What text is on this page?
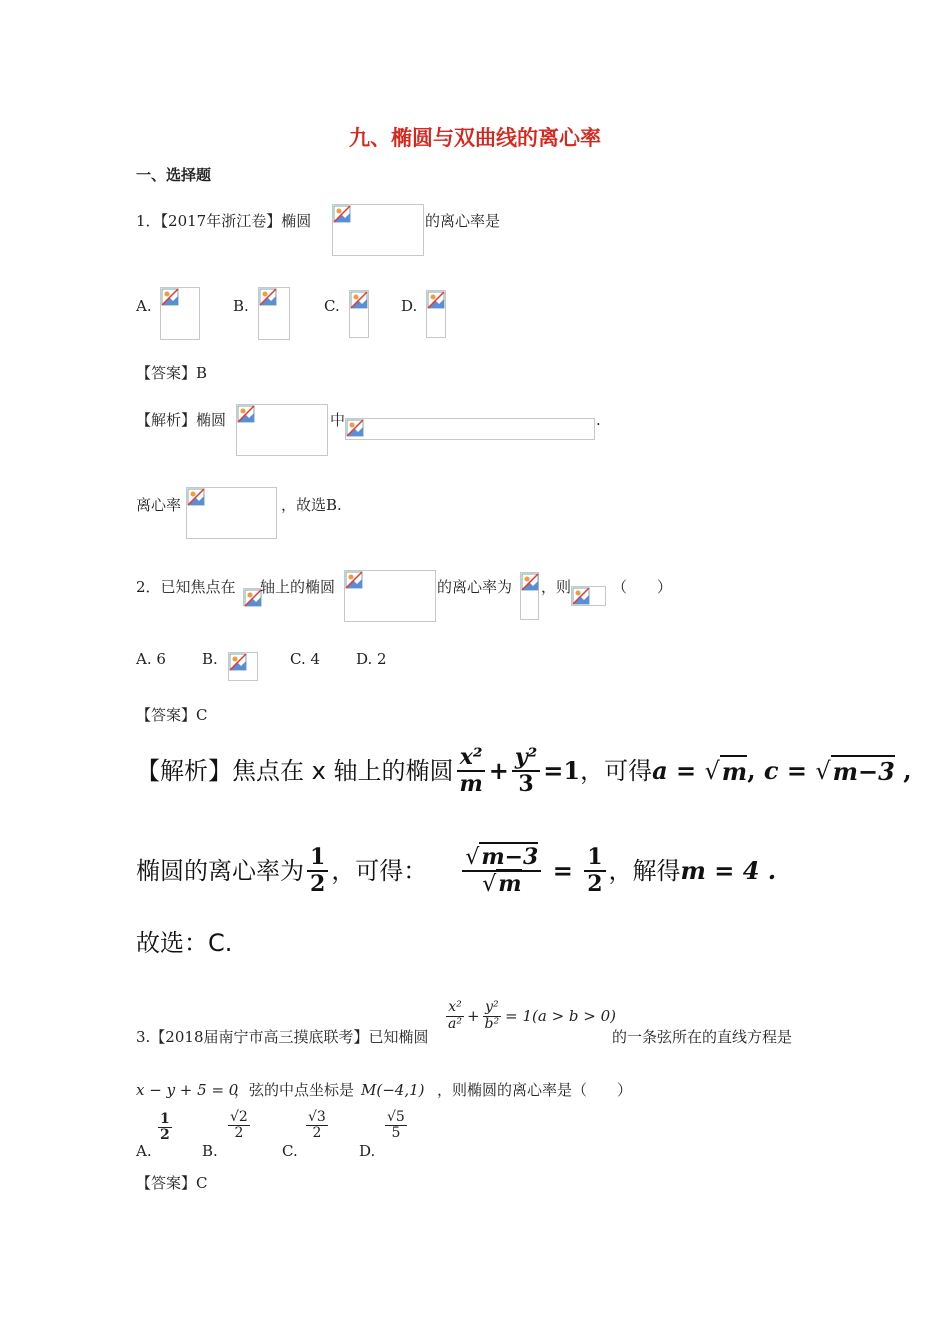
九、椭圆与双曲线的离心率
一、选择题
1．【2017年浙江卷】椭圆	的离心率是
A.	B.	C.	D.
【答案】B
【解析】椭圆	中	.
离心率	，故选B.
2．已知焦点在 轴上的椭圆	的离心率为 ，则	（　　）
A. 6 B.	C. 4 D. 2
【答案】C
【解析】焦点在 x 轴上的椭圆 $\frac{\text{x²}}{m} + \frac{\text{y²}}{3} =1$ ，可得 a = √ m , c = √ m−3 ,
椭圆的离心率为 $\frac{1}{2}$ ，可得： $\frac{√m-3}{√m} = \frac{1}{2}$ ，解得 m = 4 .
故选：C.
$\frac{\text{x²}}{\text{a²}} + \frac{\text{y²}}{\text{b²}} = 1(a > b > 0)$
3.【2018届南宁市高三摸底联考】已知椭圆	的一条弦所在的直线方程是
x − y + 5 = 0
，弦的中点坐标是 M(−4,1) ，则椭圆的离心率是（　　）
A.
$\frac{1}{2}$
B.
$\frac{√2}{2}$
C.
$\frac{√3}{2}$
D.
$\frac{√5}{5}$
【答案】C
